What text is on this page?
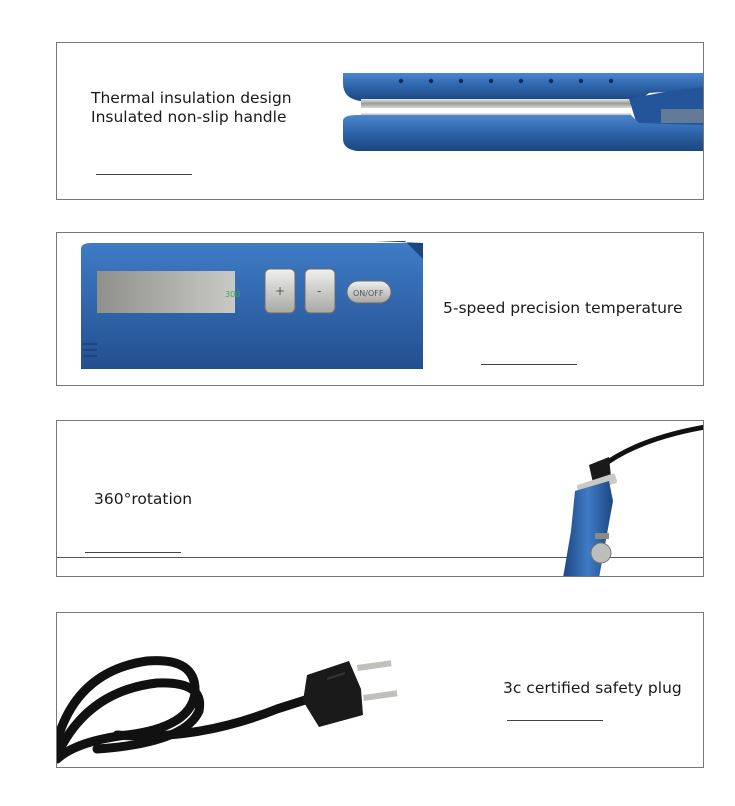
Thermal insulation design
Insulated non-slip handle
300	+	-	ON/OFF
5-speed precision temperature
360°rotation
3c certified safety plug
